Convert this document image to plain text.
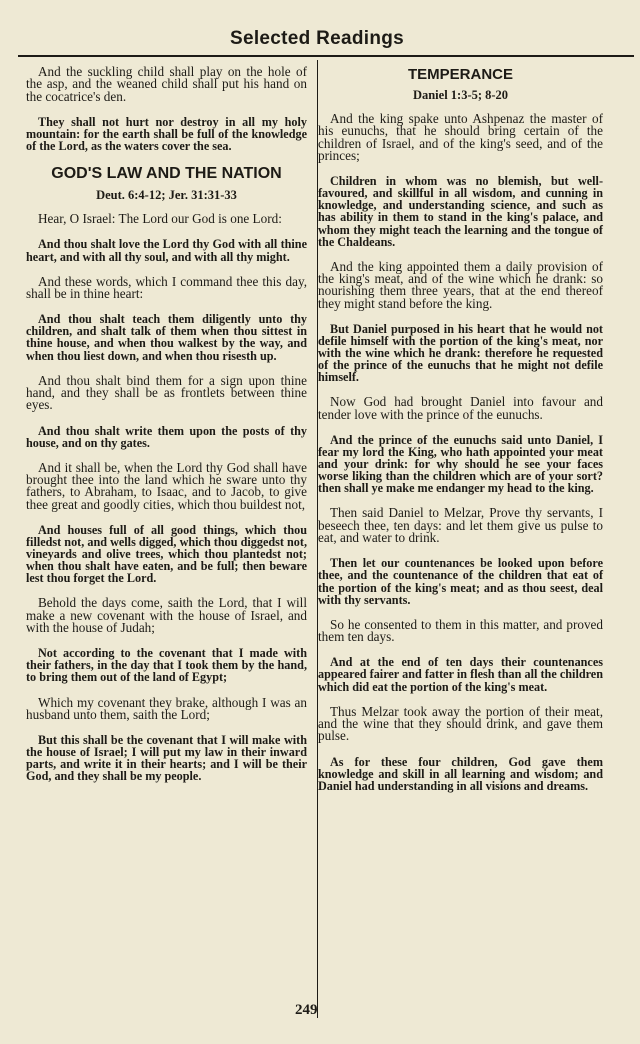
Selected Readings

And the suckling child shall play on the hole of the asp, and the weaned child shall put his hand on the cocatrice's den.

They shall not hurt nor destroy in all my holy mountain: for the earth shall be full of the knowledge of the Lord, as the waters cover the sea.

GOD'S LAW AND THE NATION
Deut. 6:4-12; Jer. 31:31-33

Hear, O Israel: The Lord our God is one Lord:

And thou shalt love the Lord thy God with all thine heart, and with all thy soul, and with all thy might.

And these words, which I command thee this day, shall be in thine heart:

And thou shalt teach them diligently unto thy children, and shalt talk of them when thou sittest in thine house, and when thou walkest by the way, and when thou liest down, and when thou risesth up.

And thou shalt bind them for a sign upon thine hand, and they shall be as frontlets between thine eyes.

And thou shalt write them upon the posts of thy house, and on thy gates.

And it shall be, when the Lord thy God shall have brought thee into the land which he sware unto thy fathers, to Abraham, to Isaac, and to Jacob, to give thee great and goodly cities, which thou buildest not,

And houses full of all good things, which thou filledst not, and wells digged, which thou diggedst not, vineyards and olive trees, which thou plantedst not; when thou shalt have eaten, and be full; then beware lest thou forget the Lord.

Behold the days come, saith the Lord, that I will make a new covenant with the house of Israel, and with the house of Judah;

Not according to the covenant that I made with their fathers, in the day that I took them by the hand, to bring them out of the land of Egypt;

Which my covenant they brake, although I was an husband unto them, saith the Lord;

But this shall be the covenant that I will make with the house of Israel; I will put my law in their inward parts, and write it in their hearts; and I will be their God, and they shall be my people.

TEMPERANCE
Daniel 1:3-5; 8-20

And the king spake unto Ashpenaz the master of his eunuchs, that he should bring certain of the children of Israel, and of the king's seed, and of the princes;

Children in whom was no blemish, but well-favoured, and skillful in all wisdom, and cunning in knowledge, and understanding science, and such as has ability in them to stand in the king's palace, and whom they might teach the learning and the tongue of the Chaldeans.

And the king appointed them a daily provision of the king's meat, and of the wine which he drank: so nourishing them three years, that at the end thereof they might stand before the king.

But Daniel purposed in his heart that he would not defile himself with the portion of the king's meat, nor with the wine which he drank: therefore he requested of the prince of the eunuchs that he might not defile himself.

Now God had brought Daniel into favour and tender love with the prince of the eunuchs.

And the prince of the eunuchs said unto Daniel, I fear my lord the King, who hath appointed your meat and your drink: for why should he see your faces worse liking than the children which are of your sort? then shall ye make me endanger my head to the king.

Then said Daniel to Melzar, Prove thy servants, I beseech thee, ten days: and let them give us pulse to eat, and water to drink.

Then let our countenances be looked upon before thee, and the countenance of the children that eat of the portion of the king's meat; and as thou seest, deal with thy servants.

So he consented to them in this matter, and proved them ten days.

And at the end of ten days their countenances appeared fairer and fatter in flesh than all the children which did eat the portion of the king's meat.

Thus Melzar took away the portion of their meat, and the wine that they should drink, and gave them pulse.

As for these four children, God gave them knowledge and skill in all learning and wisdom; and Daniel had understanding in all visions and dreams.

249
